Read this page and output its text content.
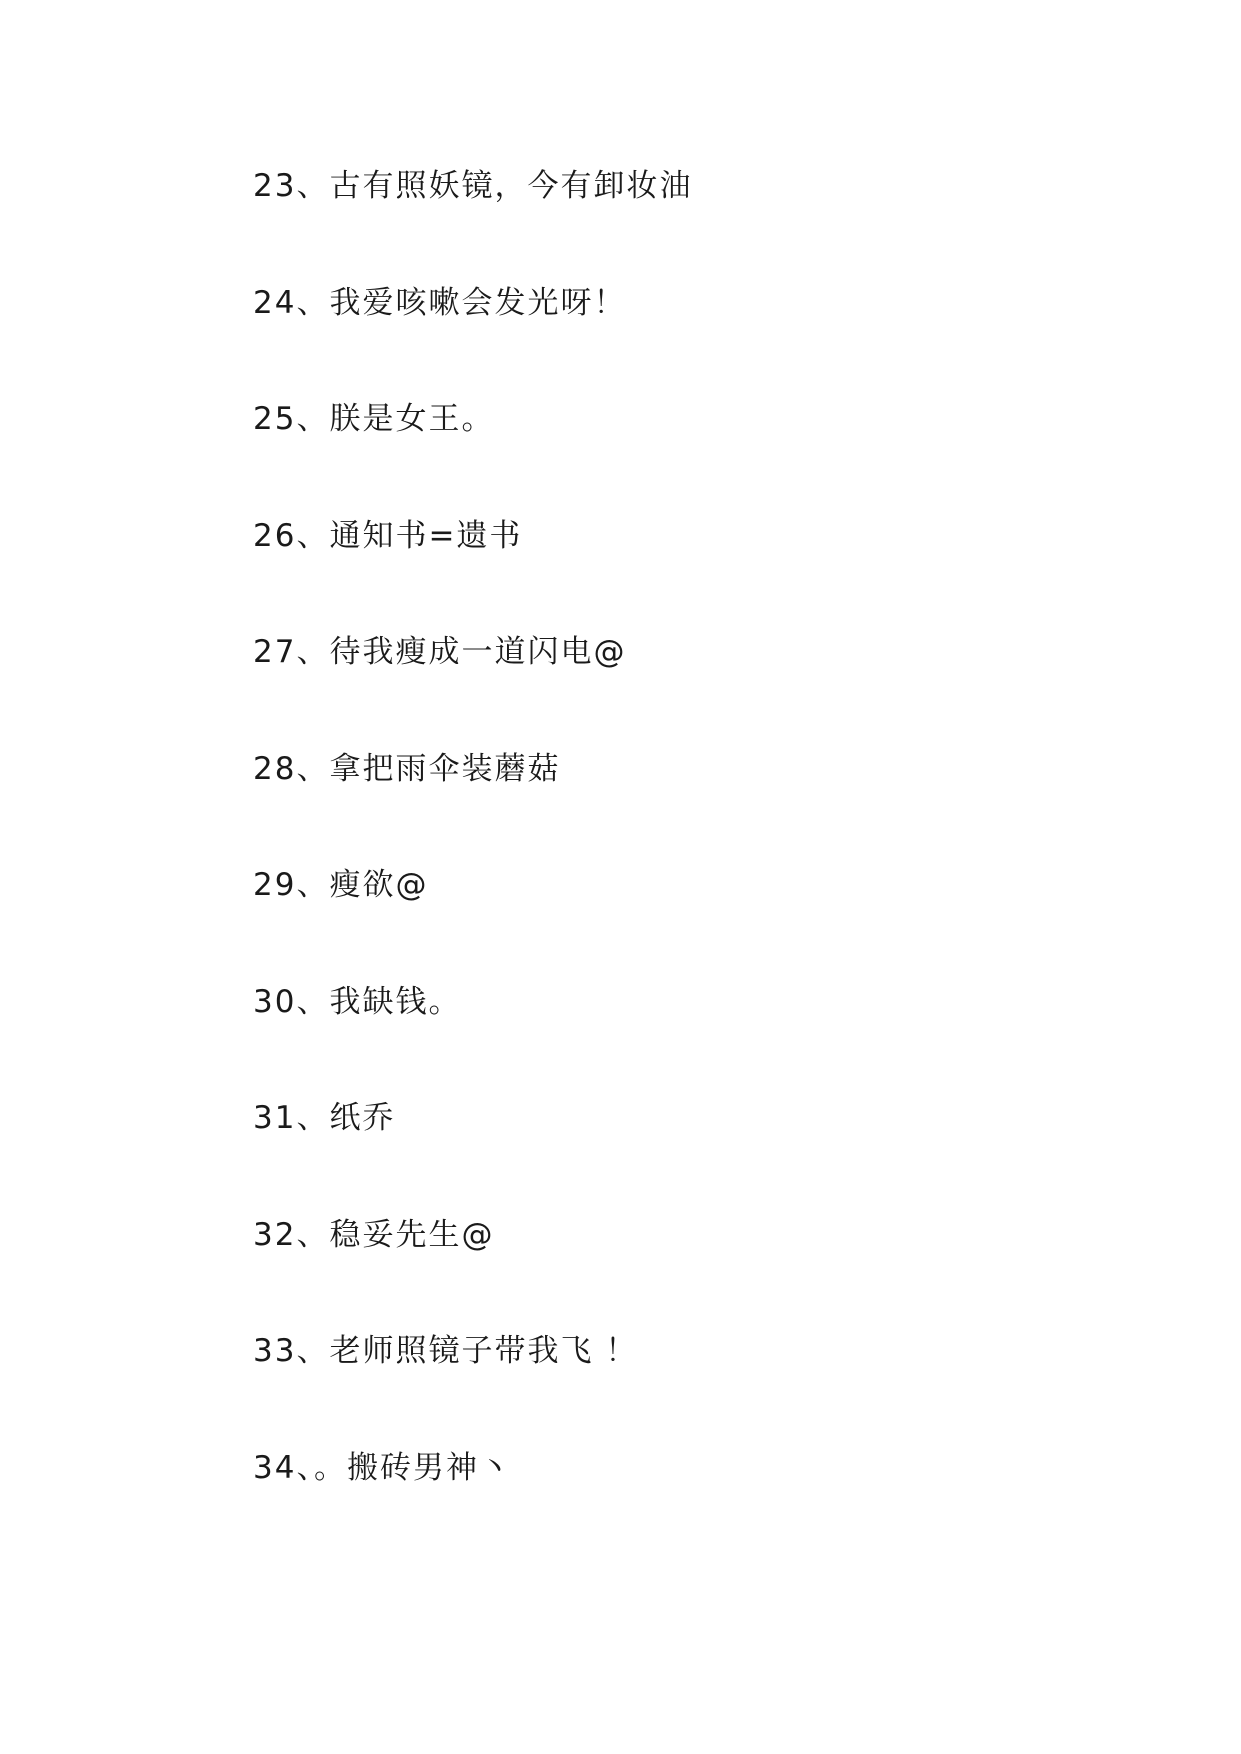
23、古有照妖镜，今有卸妆油
24、我爱咳嗽会发光呀！
25、朕是女王。
26、通知书=遗书
27、待我瘦成一道闪电@
28、拿把雨伞装蘑菇
29、瘦欲@
30、我缺钱。
31、纸乔
32、稳妥先生@
33、老师照镜子带我飞 ！
34、。搬砖男神丶
